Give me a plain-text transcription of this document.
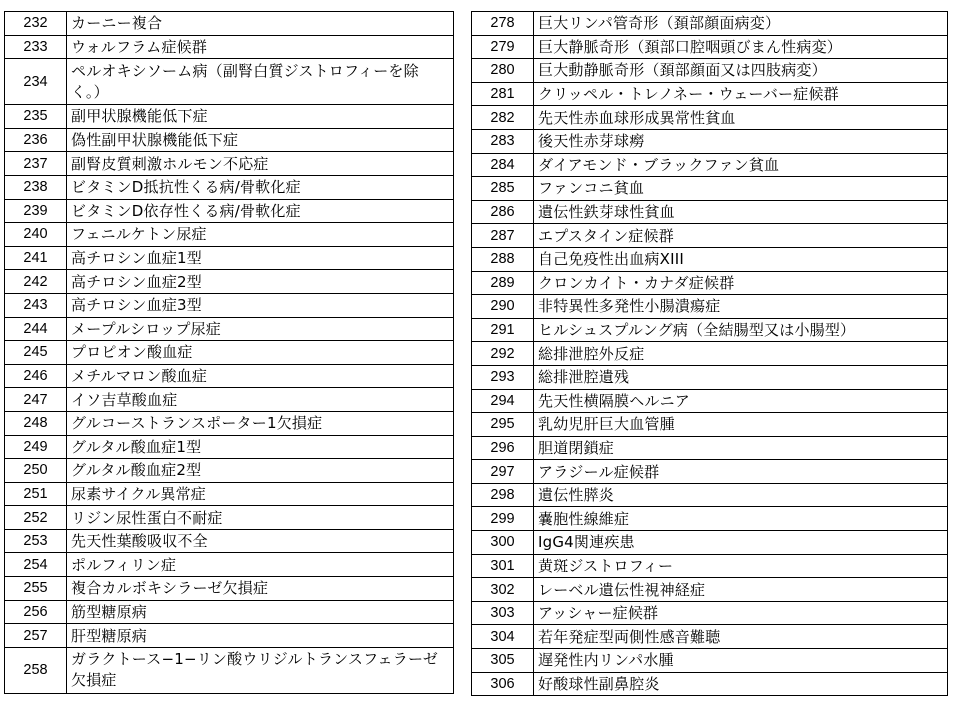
232	カーニー複合
233	ウォルフラム症候群
234	ペルオキシソーム病（副腎白質ジストロフィーを除く。）
235	副甲状腺機能低下症
236	偽性副甲状腺機能低下症
237	副腎皮質刺激ホルモン不応症
238	ビタミンD抵抗性くる病/骨軟化症
239	ビタミンD依存性くる病/骨軟化症
240	フェニルケトン尿症
241	高チロシン血症1型
242	高チロシン血症2型
243	高チロシン血症3型
244	メープルシロップ尿症
245	プロピオン酸血症
246	メチルマロン酸血症
247	イソ吉草酸血症
248	グルコーストランスポーター1欠損症
249	グルタル酸血症1型
250	グルタル酸血症2型
251	尿素サイクル異常症
252	リジン尿性蛋白不耐症
253	先天性葉酸吸収不全
254	ポルフィリン症
255	複合カルボキシラーゼ欠損症
256	筋型糖原病
257	肝型糖原病
258	ガラクトース−1−リン酸ウリジルトランスフェラーゼ欠損症
278	巨大リンパ管奇形（頚部顔面病変）
279	巨大静脈奇形（頚部口腔咽頭びまん性病変）
280	巨大動静脈奇形（頚部顔面又は四肢病変）
281	クリッペル・トレノネー・ウェーバー症候群
282	先天性赤血球形成異常性貧血
283	後天性赤芽球癆
284	ダイアモンド・ブラックファン貧血
285	ファンコニ貧血
286	遺伝性鉄芽球性貧血
287	エプスタイン症候群
288	自己免疫性出血病XIII
289	クロンカイト・カナダ症候群
290	非特異性多発性小腸潰瘍症
291	ヒルシュスプルング病（全結腸型又は小腸型）
292	総排泄腔外反症
293	総排泄腔遺残
294	先天性横隔膜ヘルニア
295	乳幼児肝巨大血管腫
296	胆道閉鎖症
297	アラジール症候群
298	遺伝性膵炎
299	嚢胞性線維症
300	IgG4関連疾患
301	黄斑ジストロフィー
302	レーベル遺伝性視神経症
303	アッシャー症候群
304	若年発症型両側性感音難聴
305	遅発性内リンパ水腫
306	好酸球性副鼻腔炎
